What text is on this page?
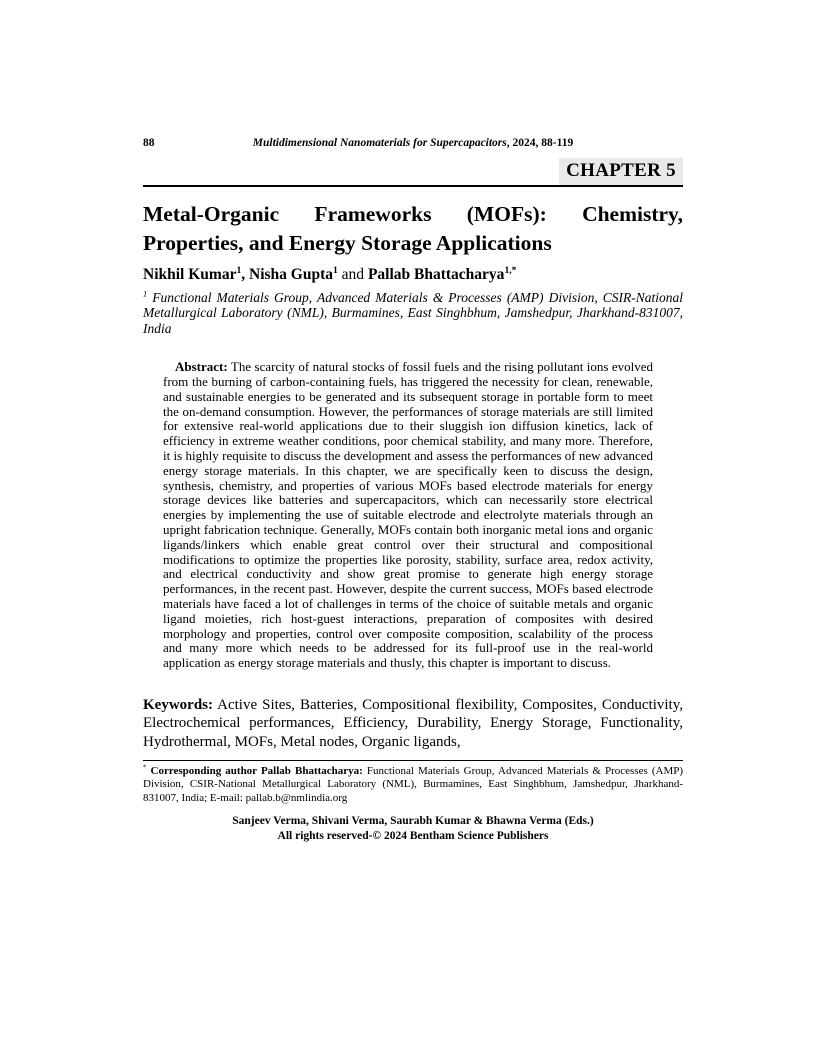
88	Multidimensional Nanomaterials for Supercapacitors, 2024, 88-119
CHAPTER 5
Metal-Organic Frameworks (MOFs): Chemistry,
Properties, and Energy Storage Applications
Nikhil Kumar$^1$, Nisha Gupta$^1$ and Pallab Bhattacharya$^{1,*}$
$^1$ Functional Materials Group, Advanced Materials & Processes (AMP) Division, CSIR-National Metallurgical Laboratory (NML), Burmamines, East Singhbhum, Jamshedpur, Jharkhand-831007, India
Abstract: The scarcity of natural stocks of fossil fuels and the rising pollutant ions evolved from the burning of carbon-containing fuels, has triggered the necessity for clean, renewable, and sustainable energies to be generated and its subsequent storage in portable form to meet the on-demand consumption. However, the performances of storage materials are still limited for extensive real-world applications due to their sluggish ion diffusion kinetics, lack of efficiency in extreme weather conditions, poor chemical stability, and many more. Therefore, it is highly requisite to discuss the development and assess the performances of new advanced energy storage materials. In this chapter, we are specifically keen to discuss the design, synthesis, chemistry, and properties of various MOFs based electrode materials for energy storage devices like batteries and supercapacitors, which can necessarily store electrical energies by implementing the use of suitable electrode and electrolyte materials through an upright fabrication technique. Generally, MOFs contain both inorganic metal ions and organic ligands/linkers which enable great control over their structural and compositional modifications to optimize the properties like porosity, stability, surface area, redox activity, and electrical conductivity and show great promise to generate high energy storage performances, in the recent past. However, despite the current success, MOFs based electrode materials have faced a lot of challenges in terms of the choice of suitable metals and organic ligand moieties, rich host-guest interactions, preparation of composites with desired morphology and properties, control over composite composition, scalability of the process and many more which needs to be addressed for its full-proof use in the real-world application as energy storage materials and thusly, this chapter is important to discuss.
Keywords: Active Sites, Batteries, Compositional flexibility, Composites, Conductivity, Electrochemical performances, Efficiency, Durability, Energy Storage, Functionality, Hydrothermal, MOFs, Metal nodes, Organic ligands,
* Corresponding author Pallab Bhattacharya: Functional Materials Group, Advanced Materials & Processes (AMP) Division, CSIR-National Metallurgical Laboratory (NML), Burmamines, East Singhbhum, Jamshedpur, Jharkhand-831007, India; E-mail: pallab.b@nmlindia.org
Sanjeev Verma, Shivani Verma, Saurabh Kumar & Bhawna Verma (Eds.)
All rights reserved-© 2024 Bentham Science Publishers
